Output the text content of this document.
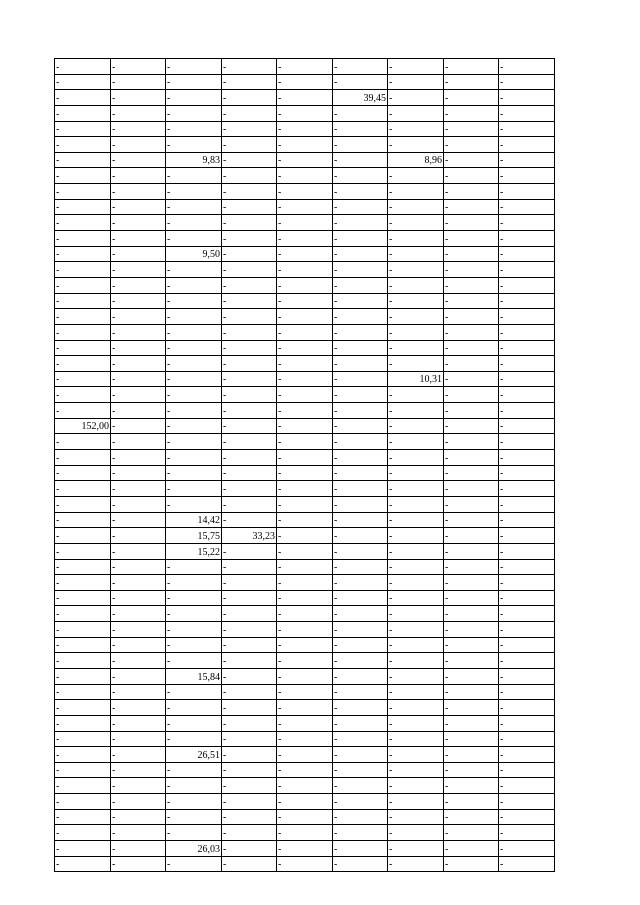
-	-	-	-	-	-	-	-	-
-	-	-	-	-	-	-	-	-
-	-	-	-	-	39,45	-	-	-
-	-	-	-	-	-	-	-	-
-	-	-	-	-	-	-	-	-
-	-	-	-	-	-	-	-	-
-	-	9,83	-	-	-	8,96	-	-
-	-	-	-	-	-	-	-	-
-	-	-	-	-	-	-	-	-
-	-	-	-	-	-	-	-	-
-	-	-	-	-	-	-	-	-
-	-	-	-	-	-	-	-	-
-	-	9,50	-	-	-	-	-	-
-	-	-	-	-	-	-	-	-
-	-	-	-	-	-	-	-	-
-	-	-	-	-	-	-	-	-
-	-	-	-	-	-	-	-	-
-	-	-	-	-	-	-	-	-
-	-	-	-	-	-	-	-	-
-	-	-	-	-	-	-	-	-
-	-	-	-	-	-	10,31	-	-
-	-	-	-	-	-	-	-	-
-	-	-	-	-	-	-	-	-
152,00	-	-	-	-	-	-	-	-
-	-	-	-	-	-	-	-	-
-	-	-	-	-	-	-	-	-
-	-	-	-	-	-	-	-	-
-	-	-	-	-	-	-	-	-
-	-	-	-	-	-	-	-	-
-	-	14,42	-	-	-	-	-	-
-	-	15,75	33,23	-	-	-	-	-
-	-	15,22	-	-	-	-	-	-
-	-	-	-	-	-	-	-	-
-	-	-	-	-	-	-	-	-
-	-	-	-	-	-	-	-	-
-	-	-	-	-	-	-	-	-
-	-	-	-	-	-	-	-	-
-	-	-	-	-	-	-	-	-
-	-	-	-	-	-	-	-	-
-	-	15,84	-	-	-	-	-	-
-	-	-	-	-	-	-	-	-
-	-	-	-	-	-	-	-	-
-	-	-	-	-	-	-	-	-
-	-	-	-	-	-	-	-	-
-	-	26,51	-	-	-	-	-	-
-	-	-	-	-	-	-	-	-
-	-	-	-	-	-	-	-	-
-	-	-	-	-	-	-	-	-
-	-	-	-	-	-	-	-	-
-	-	-	-	-	-	-	-	-
-	-	26,03	-	-	-	-	-	-
-	-	-	-	-	-	-	-	-
